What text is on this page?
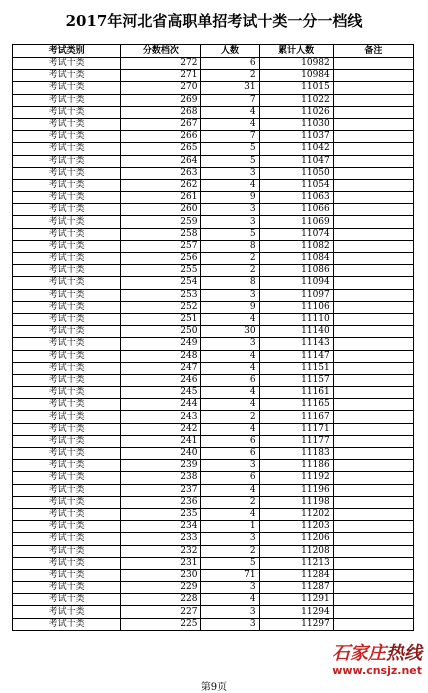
2017年河北省高职单招考试十类一分一档线
考试类别	分数档次	人数	累计人数	备注
考试十类	272	6	10982	
考试十类	271	2	10984	
考试十类	270	31	11015	
考试十类	269	7	11022	
考试十类	268	4	11026	
考试十类	267	4	11030	
考试十类	266	7	11037	
考试十类	265	5	11042	
考试十类	264	5	11047	
考试十类	263	3	11050	
考试十类	262	4	11054	
考试十类	261	9	11063	
考试十类	260	3	11066	
考试十类	259	3	11069	
考试十类	258	5	11074	
考试十类	257	8	11082	
考试十类	256	2	11084	
考试十类	255	2	11086	
考试十类	254	8	11094	
考试十类	253	3	11097	
考试十类	252	9	11106	
考试十类	251	4	11110	
考试十类	250	30	11140	
考试十类	249	3	11143	
考试十类	248	4	11147	
考试十类	247	4	11151	
考试十类	246	6	11157	
考试十类	245	4	11161	
考试十类	244	4	11165	
考试十类	243	2	11167	
考试十类	242	4	11171	
考试十类	241	6	11177	
考试十类	240	6	11183	
考试十类	239	3	11186	
考试十类	238	6	11192	
考试十类	237	4	11196	
考试十类	236	2	11198	
考试十类	235	4	11202	
考试十类	234	1	11203	
考试十类	233	3	11206	
考试十类	232	2	11208	
考试十类	231	5	11213	
考试十类	230	71	11284	
考试十类	229	3	11287	
考试十类	228	4	11291	
考试十类	227	3	11294	
考试十类	225	3	11297	
第9页
石家庄热线
www.cnsjz.net
